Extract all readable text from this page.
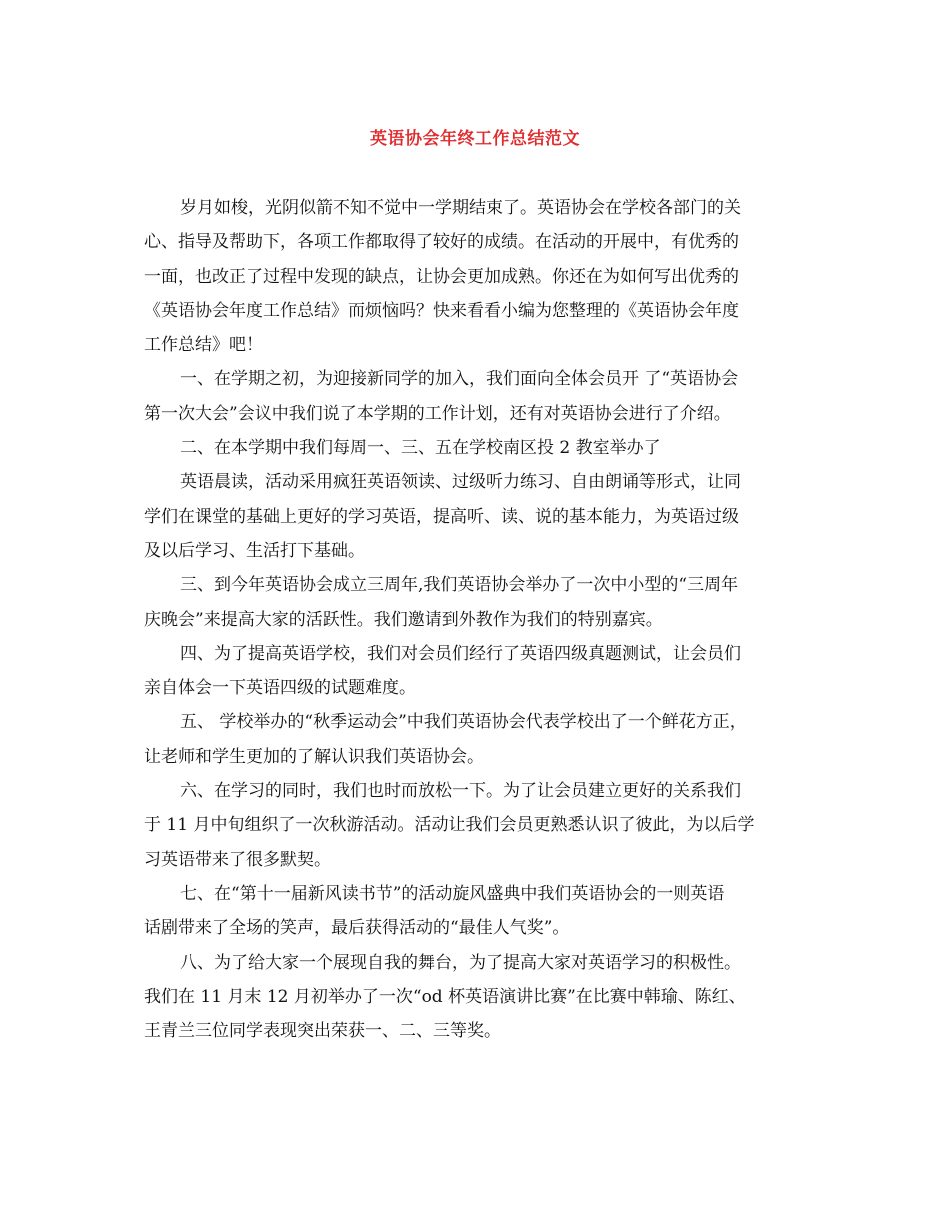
英语协会年终工作总结范文

岁月如梭，光阴似箭不知不觉中一学期结束了。英语协会在学校各部门的关
心、指导及帮助下，各项工作都取得了较好的成绩。在活动的开展中，有优秀的
一面，也改正了过程中发现的缺点，让协会更加成熟。你还在为如何写出优秀的
《英语协会年度工作总结》而烦恼吗？快来看看小编为您整理的《英语协会年度
工作总结》吧！

一、在学期之初，为迎接新同学的加入，我们面向全体会员开 了“英语协会
第一次大会”会议中我们说了本学期的工作计划，还有对英语协会进行了介绍。

二、在本学期中我们每周一、三、五在学校南区投 2 教室举办了

英语晨读，活动采用疯狂英语领读、过级听力练习、自由朗诵等形式，让同
学们在课堂的基础上更好的学习英语，提高听、读、说的基本能力，为英语过级
及以后学习、生活打下基础。

三、到今年英语协会成立三周年,我们英语协会举办了一次中小型的“三周年
庆晚会”来提高大家的活跃性。我们邀请到外教作为我们的特别嘉宾。

四、为了提高英语学校，我们对会员们经行了英语四级真题测试，让会员们
亲自体会一下英语四级的试题难度。

五、 学校举办的“秋季运动会”中我们英语协会代表学校出了一个鲜花方正，
让老师和学生更加的了解认识我们英语协会。

六、在学习的同时，我们也时而放松一下。为了让会员建立更好的关系我们
于 11 月中旬组织了一次秋游活动。活动让我们会员更熟悉认识了彼此，为以后学
习英语带来了很多默契。

七、在“第十一届新风读书节”的活动旋风盛典中我们英语协会的一则英语
话剧带来了全场的笑声，最后获得活动的“最佳人气奖”。

八、为了给大家一个展现自我的舞台，为了提高大家对英语学习的积极性。
我们在 11 月末 12 月初举办了一次“od 杯英语演讲比赛”在比赛中韩瑜、陈红、
王青兰三位同学表现突出荣获一、二、三等奖。
